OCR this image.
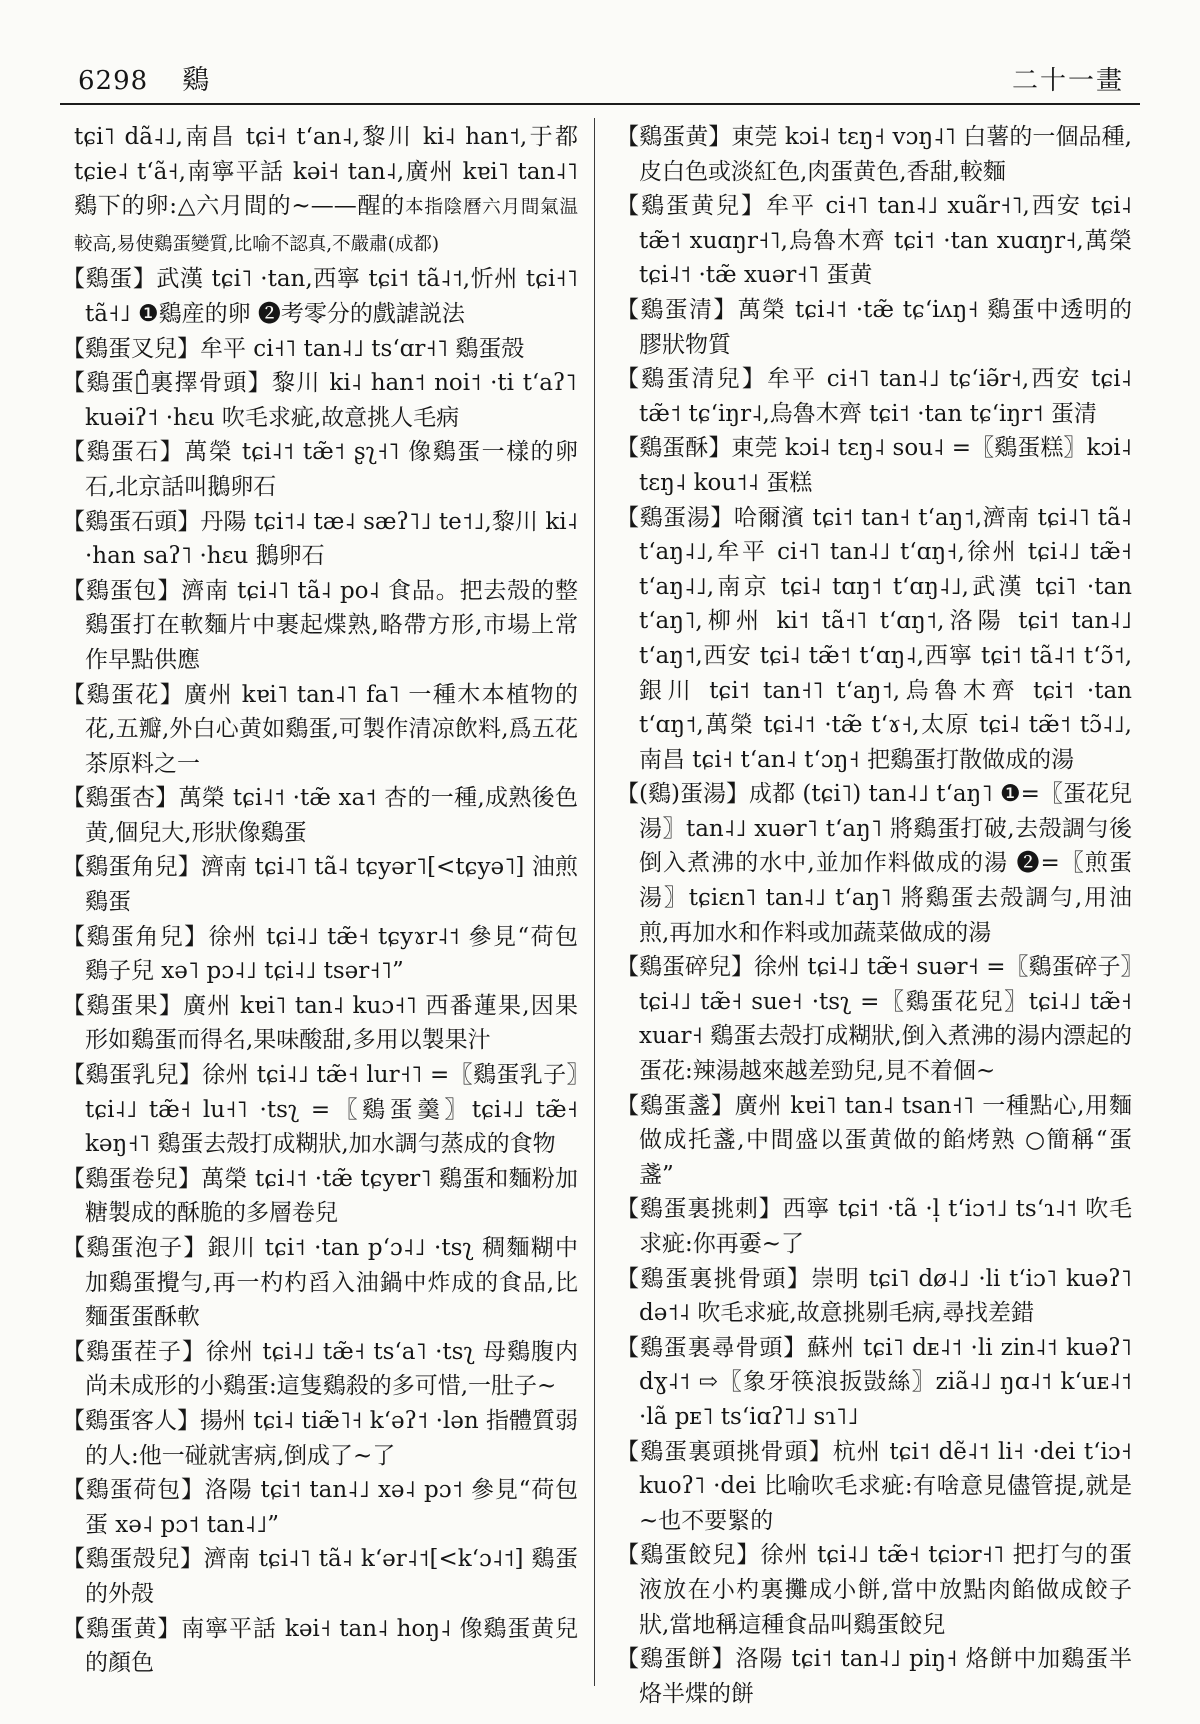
6298 鷄	二十一畫

tɕi˥ dã˨˩,南昌 tɕi˧ tʻan˨,黎川 ki˨ han˦,于都 tɕie˨ tʻã˧,南寧平話 kəi˧ tan˨,廣州 kɐi˥ tan˨˥ 鷄下的卵:△六月間的~——醒的本指陰曆六月間氣温較高,易使鷄蛋變質,比喻不認真,不嚴肅(成都)

【鷄蛋】武漢 tɕi˥ ·tan,西寧 tɕi˦ tã˨˦,忻州 tɕi˧˥ tã˧˩ ❶鷄産的卵 ❷考零分的戲謔説法

【鷄蛋叉兒】牟平 ci˧˥ tan˨˩ tsʻɑr˧˥ 鷄蛋殻

【鷄蛋内̊裏擇骨頭】黎川 ki˨ han˦ noi˦ ·ti tʻaʔ˥ kuəiʔ˦ ·hɛu 吹毛求疵,故意挑人毛病

【鷄蛋石】萬榮 tɕi˨˦ tæ̃˦ ʂʅ˧˥ 像鷄蛋一樣的卵石,北京話叫鵝卵石

【鷄蛋石頭】丹陽 tɕi˦˨ tæ˨ sæʔ˥˩ te˦˩,黎川 ki˨ ·han saʔ˥ ·hɛu 鵝卵石

【鷄蛋包】濟南 tɕi˨˥ tã˨ po˨ 食品。把去殻的整鷄蛋打在軟麵片中裹起煠熟,略帶方形,市場上常作早點供應

【鷄蛋花】廣州 kɐi˥ tan˨˥ fa˥ 一種木本植物的花,五瓣,外白心黄如鷄蛋,可製作清凉飲料,爲五花茶原料之一

【鷄蛋杏】萬榮 tɕi˨˦ ·tæ̃ xa˦ 杏的一種,成熟後色黄,個兒大,形狀像鷄蛋

【鷄蛋角兒】濟南 tɕi˨˥ tã˨ tɕyər˥[<tɕyə˥] 油煎鷄蛋

【鷄蛋角兒】徐州 tɕi˨˩ tæ̃˧ tɕyɤr˨˦ 參見“荷包鷄子兒 xə˥ pɔ˨˩ tɕi˨˩ tsər˧˥”

【鷄蛋果】廣州 kɐi˥ tan˨ kuɔ˧˥ 西番蓮果,因果形如鷄蛋而得名,果味酸甜,多用以製果汁

【鷄蛋乳兒】徐州 tɕi˨˩ tæ̃˧ lur˧˥ =〖鷄蛋乳子〗tɕi˨˩ tæ̃˧ lu˧˥ ·tsʅ =〖鷄蛋羹〗tɕi˨˩ tæ̃˧ kəŋ˧˥ 鷄蛋去殻打成糊狀,加水調勻蒸成的食物

【鷄蛋卷兒】萬榮 tɕi˨˦ ·tæ̃ tɕyɐr˥ 鷄蛋和麵粉加糖製成的酥脆的多層卷兒

【鷄蛋泡子】銀川 tɕi˦ ·tan pʻɔ˨˩ ·tsʅ 稠麵糊中加鷄蛋攪勻,再一杓杓舀入油鍋中炸成的食品,比麵蛋蛋酥軟

【鷄蛋茬子】徐州 tɕi˨˩ tæ̃˧ tsʻa˥ ·tsʅ 母鷄腹内尚未成形的小鷄蛋:這隻鷄殺的多可惜,一肚子~

【鷄蛋客人】揚州 tɕi˨ tiæ̃˥˧ kʻəʔ˦ ·lən 指體質弱的人:他一碰就害病,倒成了~了

【鷄蛋荷包】洛陽 tɕi˦ tan˨˩ xə˨ pɔ˦ 參見“荷包蛋 xə˨ pɔ˦ tan˨˩”

【鷄蛋殻兒】濟南 tɕi˨˥ tã˨ kʻər˨˦[<kʻɔ˨˦] 鷄蛋的外殻

【鷄蛋黄】南寧平話 kəi˧ tan˨ hoŋ˨ 像鷄蛋黄兒的顏色

【鷄蛋黄】東莞 kɔi˨ tɛŋ˧ vɔŋ˨˥ 白薯的一個品種,皮白色或淡紅色,肉蛋黄色,香甜,較麵

【鷄蛋黄兒】牟平 ci˧˥ tan˨˩ xuãr˧˥,西安 tɕi˨ tæ̃˦ xuɑŋr˧˥,烏魯木齊 tɕi˦ ·tan xuɑŋr˧,萬榮 tɕi˨˦ ·tæ̃ xuər˧˥ 蛋黄

【鷄蛋清】萬榮 tɕi˨˦ ·tæ̃ tɕʻiʌŋ˧ 鷄蛋中透明的膠狀物質

【鷄蛋清兒】牟平 ci˧˥ tan˨˩ tɕʻiə̃r˧,西安 tɕi˨ tæ̃˦ tɕʻiŋr˨,烏魯木齊 tɕi˦ ·tan tɕʻiŋr˦ 蛋清

【鷄蛋酥】東莞 kɔi˨ tɛŋ˨ sou˨ =〖鷄蛋糕〗kɔi˨ tɛŋ˨ kou˦˨ 蛋糕

【鷄蛋湯】哈爾濱 tɕi˦ tan˧ tʻaŋ˦,濟南 tɕi˨˥ tã˨ tʻaŋ˨˩,牟平 ci˧˥ tan˨˩ tʻɑŋ˧,徐州 tɕi˨˩ tæ̃˧ tʻaŋ˨˩,南京 tɕi˨ tɑŋ˦ tʻɑŋ˨˩,武漢 tɕi˥ ·tan tʻaŋ˥,柳州 ki˦ tã˧˥ tʻɑŋ˦,洛陽 tɕi˦ tan˨˩ tʻaŋ˦,西安 tɕi˨ tæ̃˦ tʻɑŋ˨,西寧 tɕi˦ tã˨˦ tʻɔ̃˦,銀川 tɕi˦ tan˧˥ tʻaŋ˦,烏魯木齊 tɕi˦ ·tan tʻɑŋ˦,萬榮 tɕi˨˦ ·tæ̃ tʻɤ˧,太原 tɕi˨ tæ̃˦ tɔ̃˨˩,南昌 tɕi˧ tʻan˨ tʻɔŋ˧ 把鷄蛋打散做成的湯

【(鷄)蛋湯】成都 (tɕi˥) tan˨˩ tʻaŋ˥ ❶=〖蛋花兒湯〗tan˨˩ xuər˥ tʻaŋ˥ 將鷄蛋打破,去殻調勻後倒入煮沸的水中,並加作料做成的湯 ❷=〖煎蛋湯〗tɕiɛn˥ tan˨˩ tʻaŋ˥ 將鷄蛋去殻調勻,用油煎,再加水和作料或加蔬菜做成的湯

【鷄蛋碎兒】徐州 tɕi˨˩ tæ̃˧ suər˧ =〖鷄蛋碎子〗tɕi˨˩ tæ̃˧ sue˧ ·tsʅ =〖鷄蛋花兒〗tɕi˨˩ tæ̃˧ xuar˧ 鷄蛋去殻打成糊狀,倒入煮沸的湯内漂起的蛋花:辣湯越來越差勁兒,見不着個~

【鷄蛋盞】廣州 kɐi˥ tan˨ tsan˧˥ 一種點心,用麵做成托盞,中間盛以蛋黄做的餡烤熟 ○簡稱“蛋盞”

【鷄蛋裏挑刺】西寧 tɕi˦ ·tã ·l̩ tʻiɔ˦˩ tsʻɿ˨˦ 吹毛求疵:你再嫑~了

【鷄蛋裏挑骨頭】崇明 tɕi˥ dø˨˩ ·li tʻiɔ˥ kuəʔ˥ də˦˨ 吹毛求疵,故意挑剔毛病,尋找差錯

【鷄蛋裏尋骨頭】蘇州 tɕi˥ dᴇ˨˦ ·li zin˨˦ kuəʔ˥ dɣ˨˦ ⇨〖象牙筷浪扳敱絲〗ziã˨˩ ŋɑ˨˦ kʻuᴇ˨˦ ·lã pᴇ˥ tsʻiɑʔ˥˩ sɿ˥˩

【鷄蛋裏頭挑骨頭】杭州 tɕi˦ dẽ˨˦ li˧ ·dei tʻiɔ˧ kuoʔ˥ ·dei 比喻吹毛求疵:有啥意見儘管提,就是~也不要緊的

【鷄蛋餃兒】徐州 tɕi˨˩ tæ̃˧ tɕiɔr˧˥ 把打勻的蛋液放在小杓裏攤成小餅,當中放點肉餡做成餃子狀,當地稱這種食品叫鷄蛋餃兒

【鷄蛋餅】洛陽 tɕi˦ tan˨˩ piŋ˧ 烙餅中加鷄蛋半烙半煠的餅
